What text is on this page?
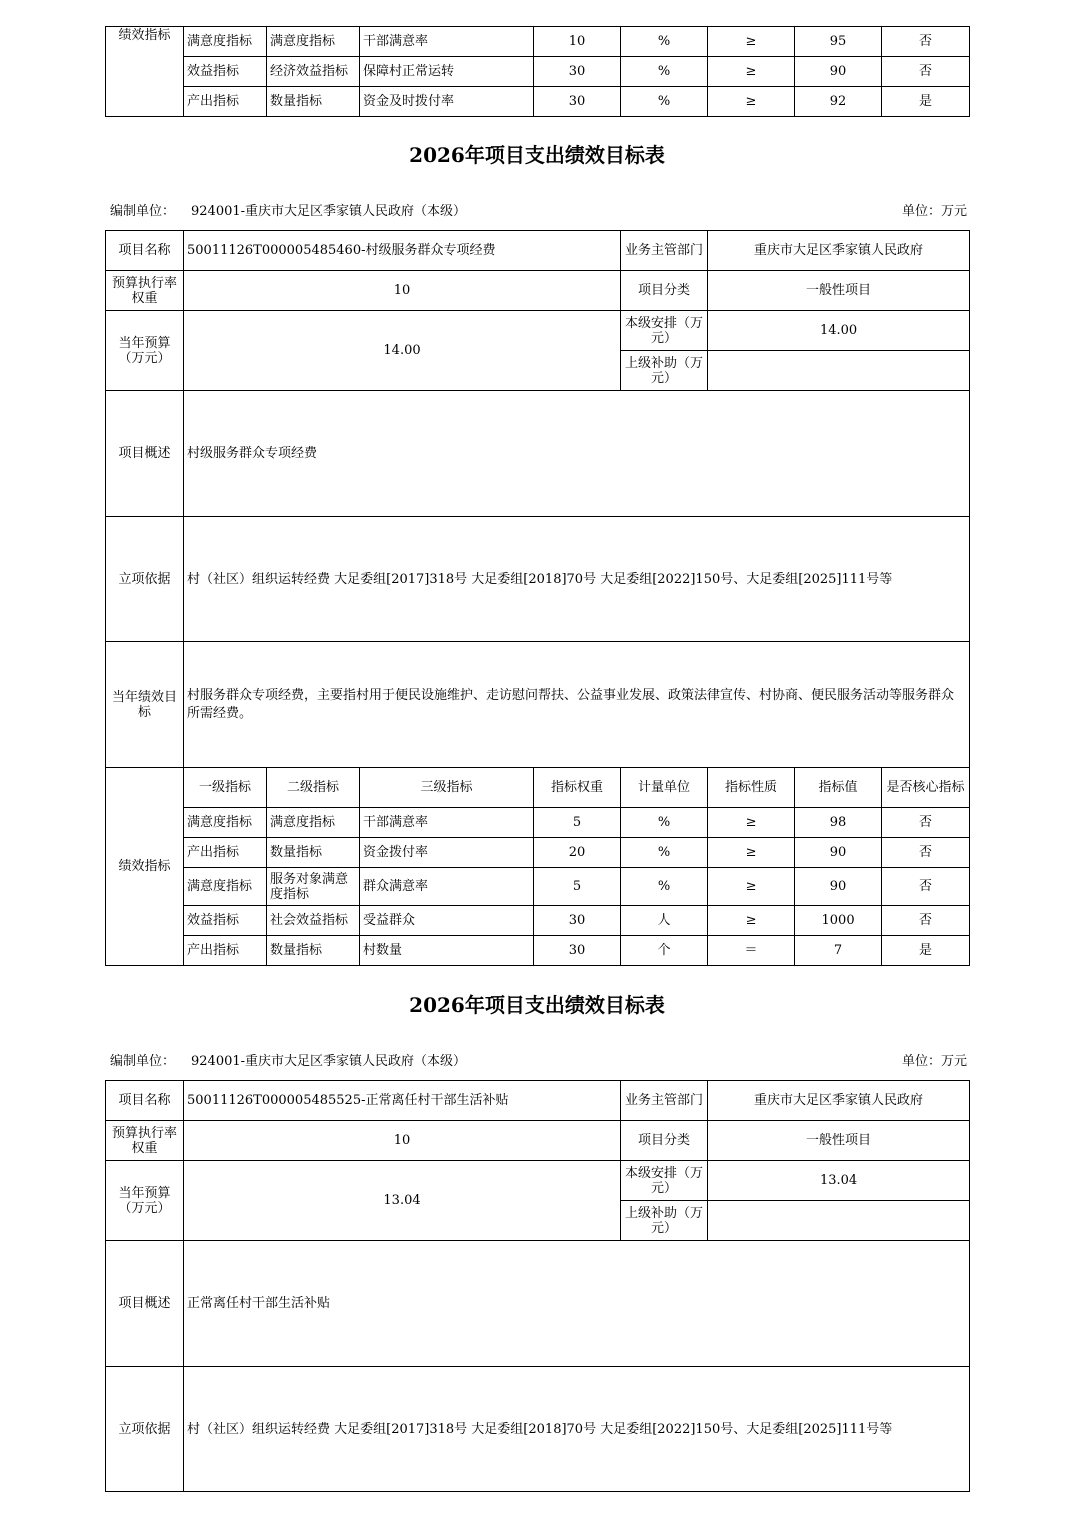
绩效指标	满意度指标	满意度指标	干部满意率	10	%	≥	95	否
	效益指标	经济效益指标	保障村正常运转	30	%	≥	90	否
	产出指标	数量指标	资金及时拨付率	30	%	≥	92	是
2026年项目支出绩效目标表
编制单位： 924001-重庆市大足区季家镇人民政府（本级）	单位：万元
项目名称	50011126T000005485460-村级服务群众专项经费				业务主管部门	重庆市大足区季家镇人民政府		
预算执行率权重	10				项目分类	一般性项目		
当年预算（万元）	14.00				本级安排（万元）	14.00		
					上级补助（万元）			
项目概述	村级服务群众专项经费							
立项依据	村（社区）组织运转经费 大足委组[2017]318号 大足委组[2018]70号 大足委组[2022]150号、大足委组[2025]111号等							
当年绩效目标	村服务群众专项经费，主要指村用于便民设施维护、走访慰问帮扶、公益事业发展、政策法律宣传、村协商、便民服务活动等服务群众所需经费。							
绩效指标	一级指标	二级指标	三级指标	指标权重	计量单位	指标性质	指标值	是否核心指标
	满意度指标	满意度指标	干部满意率	5	%	≥	98	否
	产出指标	数量指标	资金拨付率	20	%	≥	90	否
	满意度指标	服务对象满意度指标	群众满意率	5	%	≥	90	否
	效益指标	社会效益指标	受益群众	30	人	≥	1000	否
	产出指标	数量指标	村数量	30	个	＝	7	是
2026年项目支出绩效目标表
编制单位： 924001-重庆市大足区季家镇人民政府（本级）	单位：万元
项目名称	50011126T000005485525-正常离任村干部生活补贴	业务主管部门	重庆市大足区季家镇人民政府
预算执行率权重	10	项目分类	一般性项目
当年预算（万元）	13.04	本级安排（万元）	13.04
		上级补助（万元）	
项目概述	正常离任村干部生活补贴		
立项依据	村（社区）组织运转经费 大足委组[2017]318号 大足委组[2018]70号 大足委组[2022]150号、大足委组[2025]111号等		
